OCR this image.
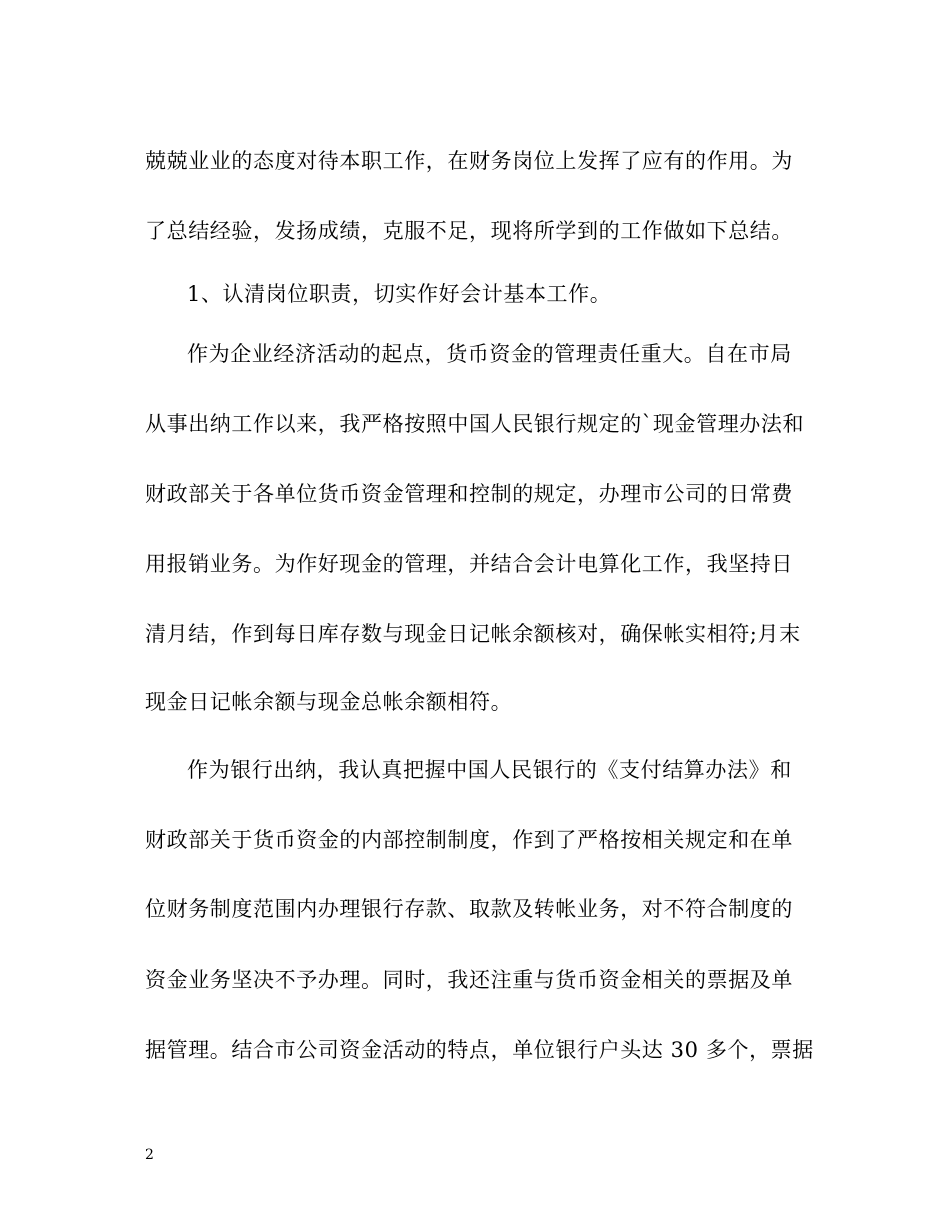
兢兢业业的态度对待本职工作，在财务岗位上发挥了应有的作用。为
了总结经验，发扬成绩，克服不足，现将所学到的工作做如下总结。
1、认清岗位职责，切实作好会计基本工作。
作为企业经济活动的起点，货币资金的管理责任重大。自在市局
从事出纳工作以来，我严格按照中国人民银行规定的`现金管理办法和
财政部关于各单位货币资金管理和控制的规定，办理市公司的日常费
用报销业务。为作好现金的管理，并结合会计电算化工作，我坚持日
清月结，作到每日库存数与现金日记帐余额核对，确保帐实相符;月末
现金日记帐余额与现金总帐余额相符。
作为银行出纳，我认真把握中国人民银行的《支付结算办法》和
财政部关于货币资金的内部控制制度，作到了严格按相关规定和在单
位财务制度范围内办理银行存款、取款及转帐业务，对不符合制度的
资金业务坚决不予办理。同时，我还注重与货币资金相关的票据及单
据管理。结合市公司资金活动的特点，单位银行户头达 30 多个，票据
2
